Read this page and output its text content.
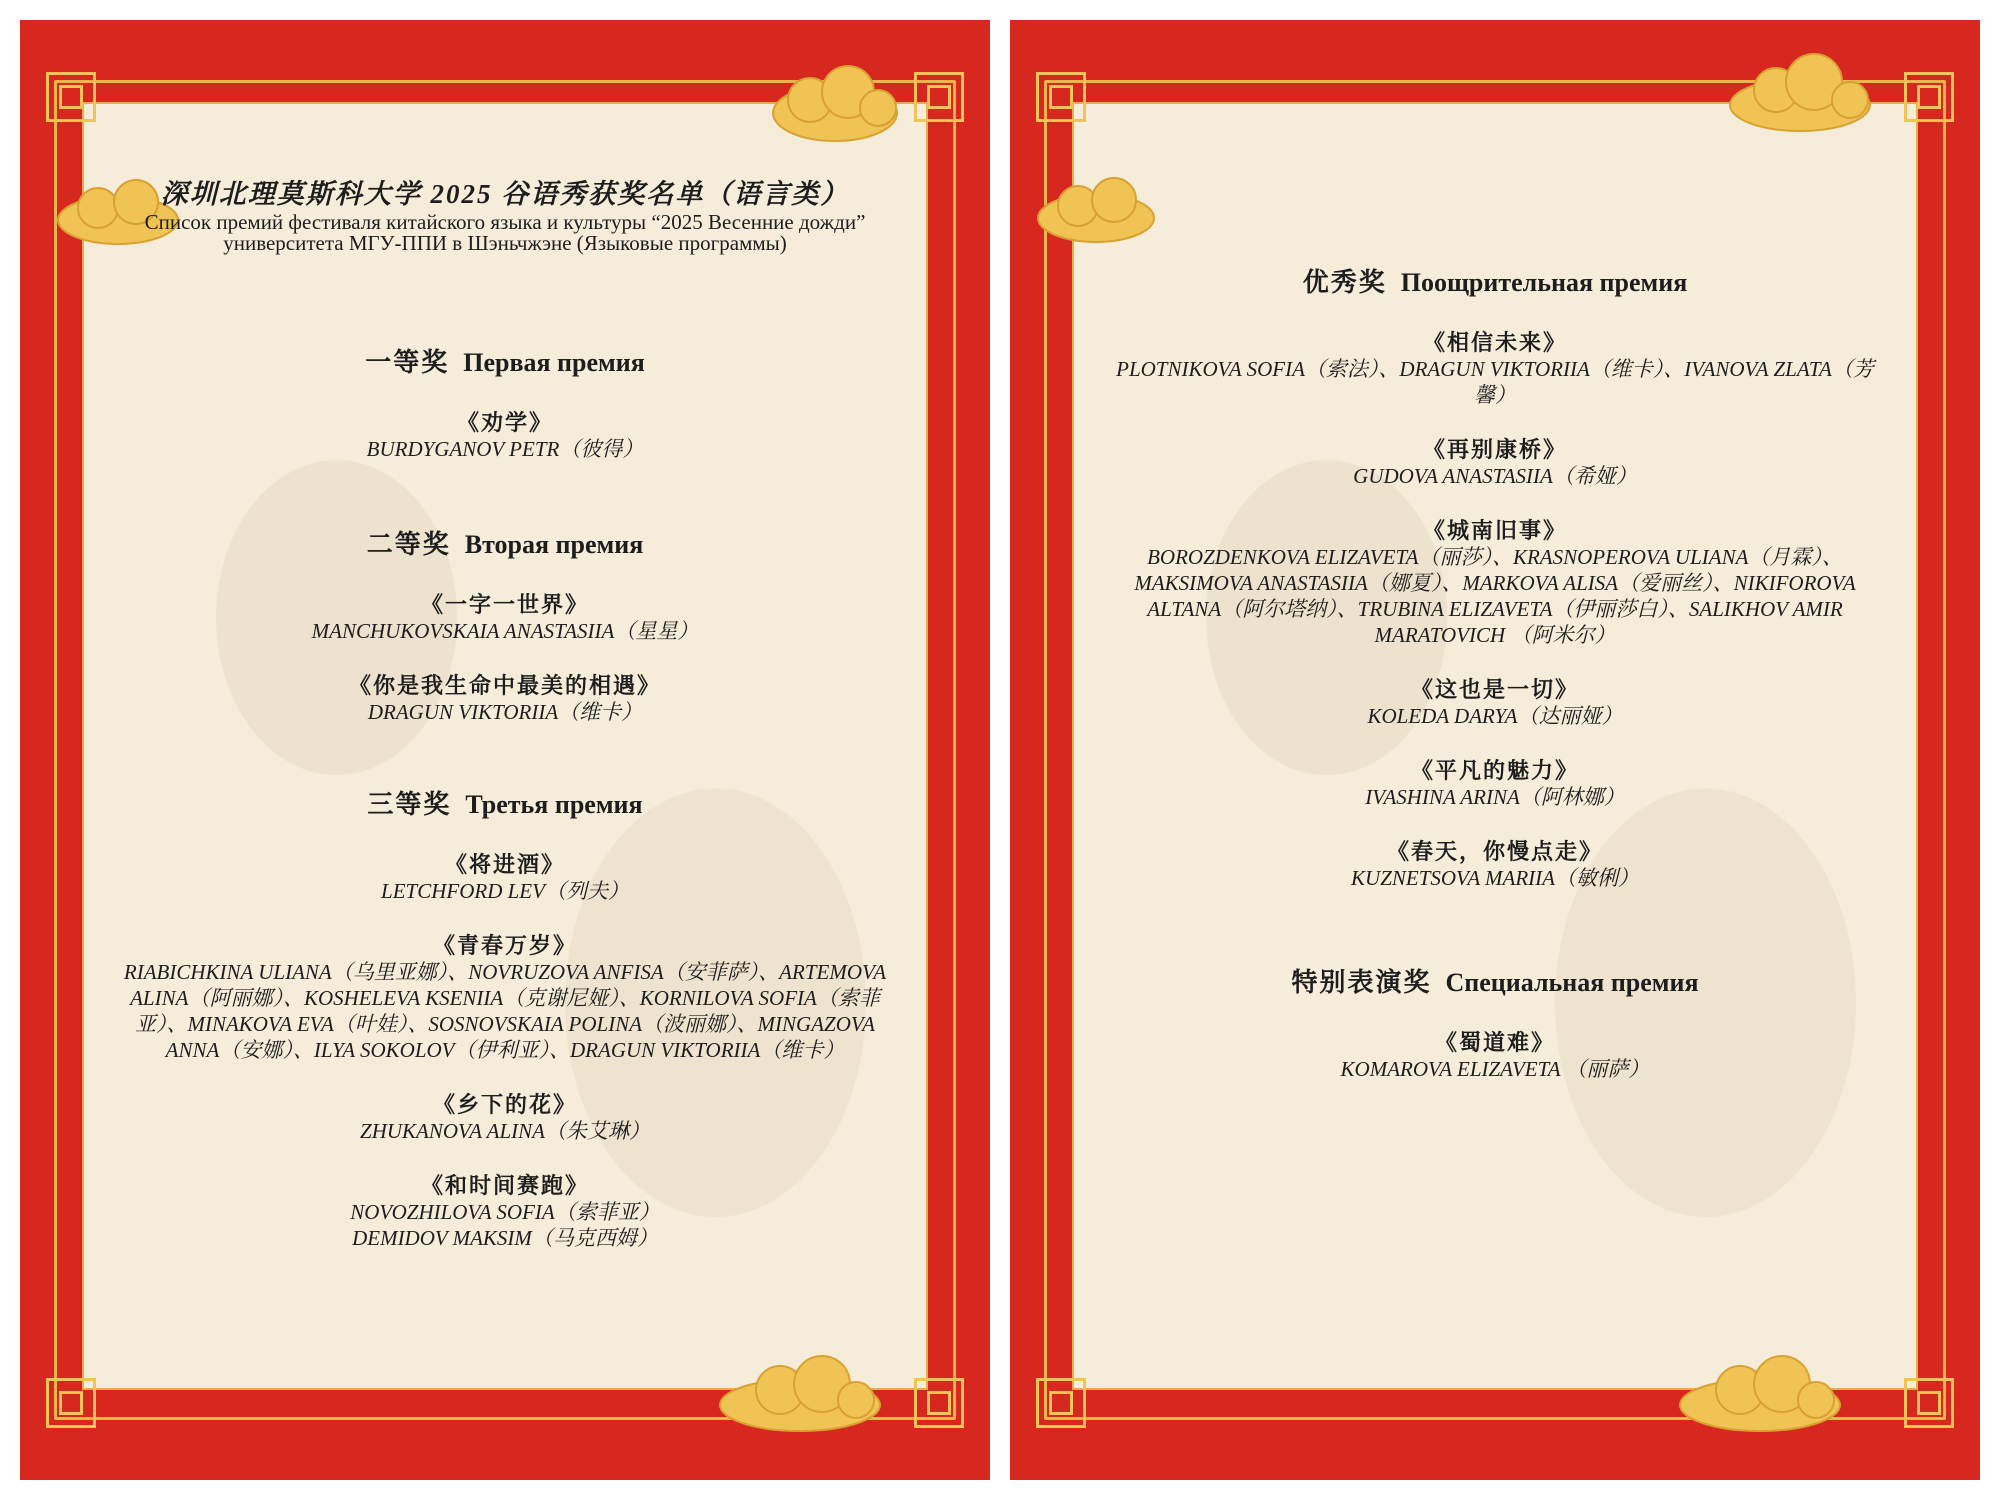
深圳北理莫斯科大学 2025 谷语秀获奖名单（语言类）

Список премий фестиваля китайского языка и культуры “2025 Весенние дожди” университета МГУ-ППИ в Шэньчжэне (Языковые программы)

一等奖 Первая премия

《劝学》

BURDYGANOV PETR（彼得）

二等奖 Вторая премия

《一字一世界》

MANCHUKOVSKAIA ANASTASIIA（星星）

《你是我生命中最美的相遇》

DRAGUN VIKTORIIA（维卡）

三等奖 Третья премия

《将进酒》

LETCHFORD LEV（列夫）

《青春万岁》

RIABICHKINA ULIANA（乌里亚娜）、NOVRUZOVA ANFISA（安菲萨）、ARTEMOVA ALINA（阿丽娜）、KOSHELEVA KSENIIA（克谢尼娅）、KORNILOVA SOFIA（索菲亚）、MINAKOVA EVA（叶娃）、SOSNOVSKAIA POLINA（波丽娜）、MINGAZOVA ANNA（安娜）、ILYA SOKOLOV（伊利亚）、DRAGUN VIKTORIIA（维卡）

《乡下的花》

ZHUKANOVA ALINA（朱艾琳）

《和时间赛跑》

NOVOZHILOVA SOFIA（索菲亚）
DEMIDOV MAKSIM（马克西姆）

优秀奖 Поощрительная премия

《相信未来》

PLOTNIKOVA SOFIA（索法）、DRAGUN VIKTORIIA（维卡）、IVANOVA ZLATA（芳馨）

《再别康桥》

GUDOVA ANASTASIIA（希娅）

《城南旧事》

BOROZDENKOVA ELIZAVETA（丽莎）、KRASNOPEROVA ULIANA（月霖）、MAKSIMOVA ANASTASIIA（娜夏）、MARKOVA ALISA（爱丽丝）、NIKIFOROVA ALTANA（阿尔塔纳）、TRUBINA ELIZAVETA（伊丽莎白）、SALIKHOV AMIR MARATOVICH （阿米尔）

《这也是一切》

KOLEDA DARYA（达丽娅）

《平凡的魅力》

IVASHINA ARINA（阿林娜）

《春天，你慢点走》

KUZNETSOVA MARIIA（敏俐）

特别表演奖 Специальная премия

《蜀道难》

KOMAROVA ELIZAVETA （丽萨）
